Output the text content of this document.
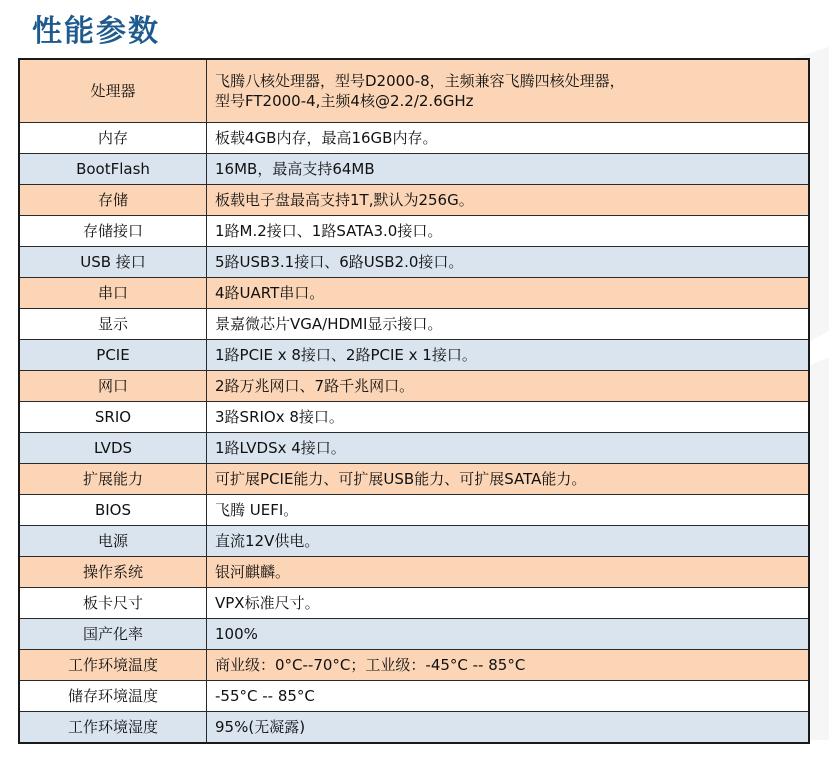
性能参数
处理器	飞腾八核处理器，型号D2000-8，主频兼容飞腾四核处理器，
型号FT2000-4,主频4核@2.2/2.6GHz

内存	板载4GB内存，最高16GB内存。

BootFlash	16MB，最高支持64MB

存储	板载电子盘最高支持1T,默认为256G。

存储接口	1路M.2接口、1路SATA3.0接口。

USB 接口	5路USB3.1接口、6路USB2.0接口。

串口	4路UART串口。

显示	景嘉微芯片VGA/HDMI显示接口。

PCIE	1路PCIE x 8接口、2路PCIE x 1接口。

网口	2路万兆网口、7路千兆网口。

SRIO	3路SRIOx 8接口。

LVDS	1路LVDSx 4接口。

扩展能力	可扩展PCIE能力、可扩展USB能力、可扩展SATA能力。

BIOS	飞腾 UEFI。

电源	直流12V供电。

操作系统	银河麒麟。

板卡尺寸	VPX标准尺寸。

国产化率	100%

工作环境温度	商业级：0°C--70°C；工业级：-45°C -- 85°C

储存环境温度	-55°C -- 85°C

工作环境湿度	95%(无凝露)
